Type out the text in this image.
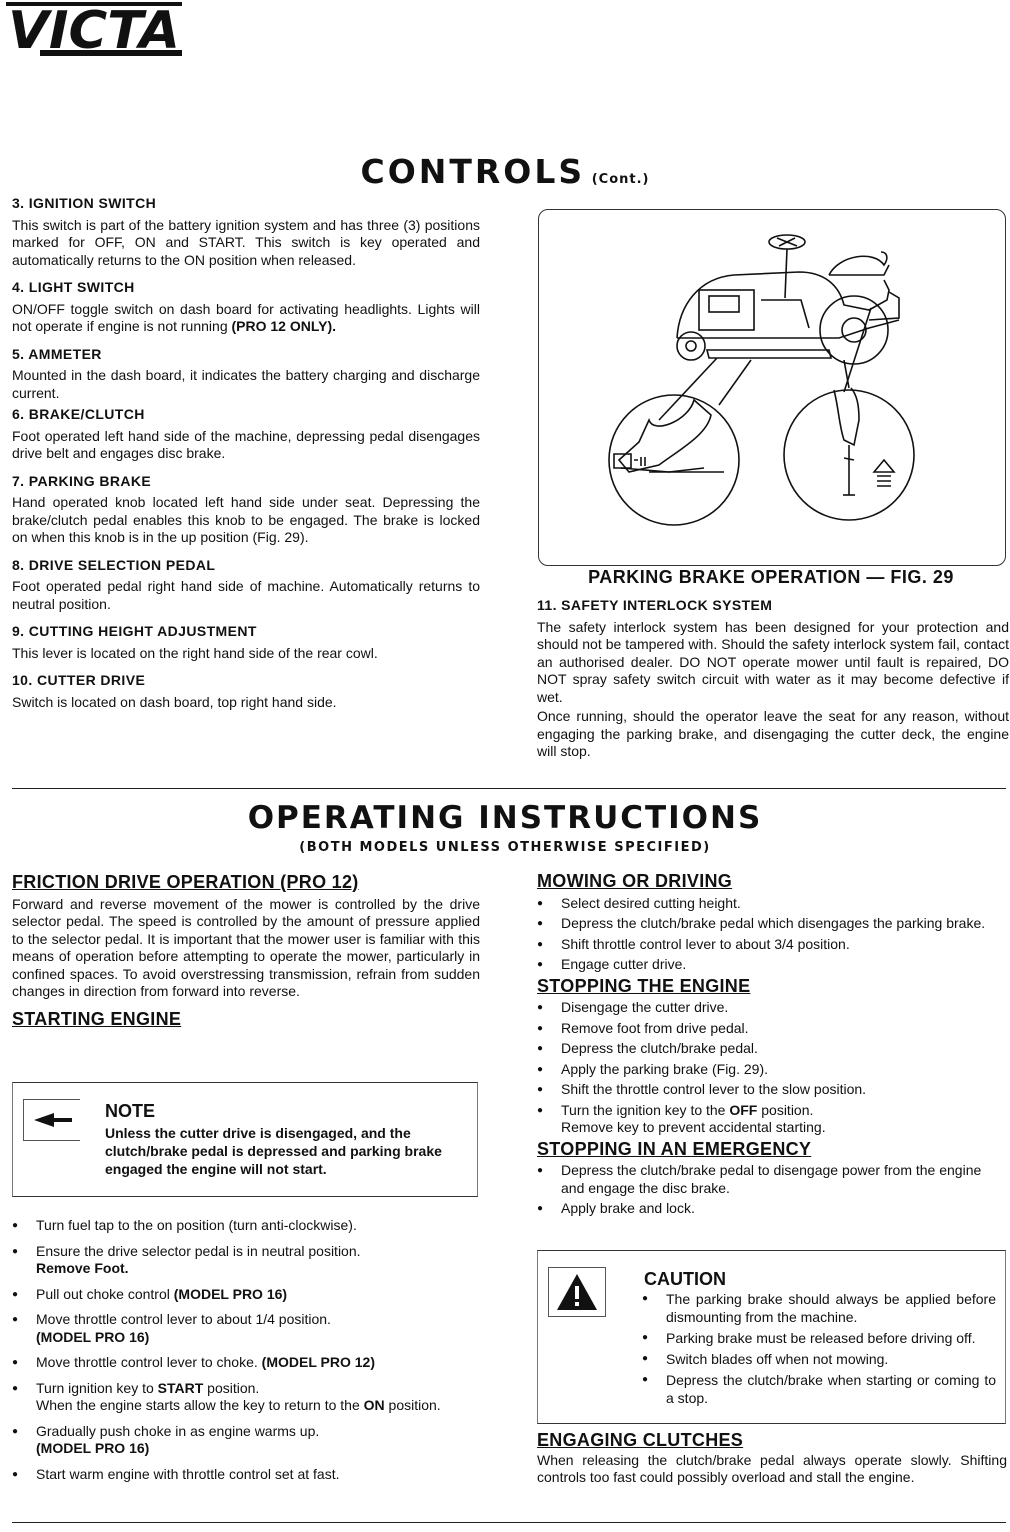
VICTA
CONTROLS (Cont.)
3. IGNITION SWITCH
This switch is part of the battery ignition system and has three (3) positions marked for OFF, ON and START. This switch is key operated and automatically returns to the ON position when released.
4. LIGHT SWITCH
ON/OFF toggle switch on dash board for activating headlights. Lights will not operate if engine is not running (PRO 12 ONLY).
5. AMMETER
Mounted in the dash board, it indicates the battery charging and discharge current.
6. BRAKE/CLUTCH
Foot operated left hand side of the machine, depressing pedal disengages drive belt and engages disc brake.
7. PARKING BRAKE
Hand operated knob located left hand side under seat. Depressing the brake/clutch pedal enables this knob to be engaged. The brake is locked on when this knob is in the up position (Fig. 29).
8. DRIVE SELECTION PEDAL
Foot operated pedal right hand side of machine. Automatically returns to neutral position.
9. CUTTING HEIGHT ADJUSTMENT
This lever is located on the right hand side of the rear cowl.
10. CUTTER DRIVE
Switch is located on dash board, top right hand side.
PARKING BRAKE OPERATION — FIG. 29
11. SAFETY INTERLOCK SYSTEM
The safety interlock system has been designed for your protection and should not be tampered with. Should the safety interlock system fail, contact an authorised dealer. DO NOT operate mower until fault is repaired, DO NOT spray safety switch circuit with water as it may become defective if wet.
Once running, should the operator leave the seat for any reason, without engaging the parking brake, and disengaging the cutter deck, the engine will stop.
OPERATING INSTRUCTIONS
(BOTH MODELS UNLESS OTHERWISE SPECIFIED)
FRICTION DRIVE OPERATION (PRO 12)
Forward and reverse movement of the mower is controlled by the drive selector pedal. The speed is controlled by the amount of pressure applied to the selector pedal. It is important that the mower user is familiar with this means of operation before attempting to operate the mower, particularly in confined spaces. To avoid overstressing transmission, refrain from sudden changes in direction from forward into reverse.
STARTING ENGINE
NOTE
Unless the cutter drive is disengaged, and the clutch/brake pedal is depressed and parking brake engaged the engine will not start.
● Turn fuel tap to the on position (turn anti-clockwise).
● Ensure the drive selector pedal is in neutral position.
Remove Foot.
● Pull out choke control (MODEL PRO 16)
● Move throttle control lever to about 1/4 position.
(MODEL PRO 16)
● Move throttle control lever to choke. (MODEL PRO 12)
● Turn ignition key to START position.
When the engine starts allow the key to return to the ON position.
● Gradually push choke in as engine warms up.
(MODEL PRO 16)
● Start warm engine with throttle control set at fast.
MOWING OR DRIVING
● Select desired cutting height.
● Depress the clutch/brake pedal which disengages the parking brake.
● Shift throttle control lever to about 3/4 position.
● Engage cutter drive.
STOPPING THE ENGINE
● Disengage the cutter drive.
● Remove foot from drive pedal.
● Depress the clutch/brake pedal.
● Apply the parking brake (Fig. 29).
● Shift the throttle control lever to the slow position.
● Turn the ignition key to the OFF position.
Remove key to prevent accidental starting.
STOPPING IN AN EMERGENCY
● Depress the clutch/brake pedal to disengage power from the engine and engage the disc brake.
● Apply brake and lock.
CAUTION
● The parking brake should always be applied before dismounting from the machine.
● Parking brake must be released before driving off.
● Switch blades off when not mowing.
● Depress the clutch/brake when starting or coming to a stop.
ENGAGING CLUTCHES
When releasing the clutch/brake pedal always operate slowly. Shifting controls too fast could possibly overload and stall the engine.
